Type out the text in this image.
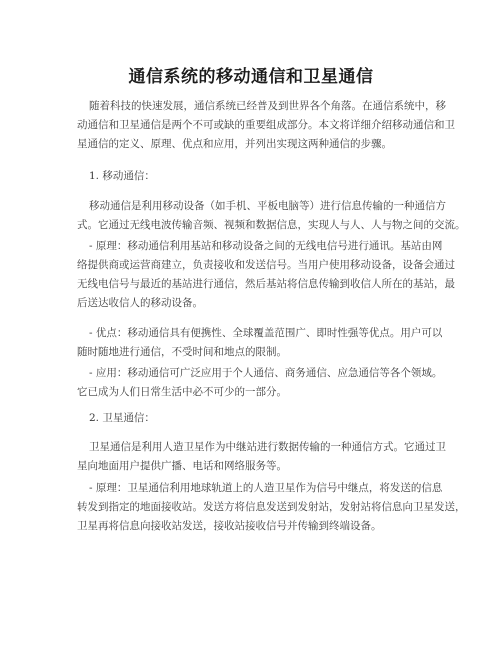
通信系统的移动通信和卫星通信
随着科技的快速发展，通信系统已经普及到世界各个角落。在通信系统中，移
动通信和卫星通信是两个不可或缺的重要组成部分。本文将详细介绍移动通信和卫
星通信的定义、原理、优点和应用，并列出实现这两种通信的步骤。
1. 移动通信：
移动通信是利用移动设备（如手机、平板电脑等）进行信息传输的一种通信方
式。它通过无线电波传输音频、视频和数据信息，实现人与人、人与物之间的交流。
- 原理：移动通信利用基站和移动设备之间的无线电信号进行通讯。基站由网
络提供商或运营商建立，负责接收和发送信号。当用户使用移动设备，设备会通过
无线电信号与最近的基站进行通信，然后基站将信息传输到收信人所在的基站，最
后送达收信人的移动设备。
- 优点：移动通信具有便携性、全球覆盖范围广、即时性强等优点。用户可以
随时随地进行通信，不受时间和地点的限制。
- 应用：移动通信可广泛应用于个人通信、商务通信、应急通信等各个领域。
它已成为人们日常生活中必不可少的一部分。
2. 卫星通信：
卫星通信是利用人造卫星作为中继站进行数据传输的一种通信方式。它通过卫
星向地面用户提供广播、电话和网络服务等。
- 原理：卫星通信利用地球轨道上的人造卫星作为信号中继点，将发送的信息
转发到指定的地面接收站。发送方将信息发送到发射站，发射站将信息向卫星发送，
卫星再将信息向接收站发送，接收站接收信号并传输到终端设备。
